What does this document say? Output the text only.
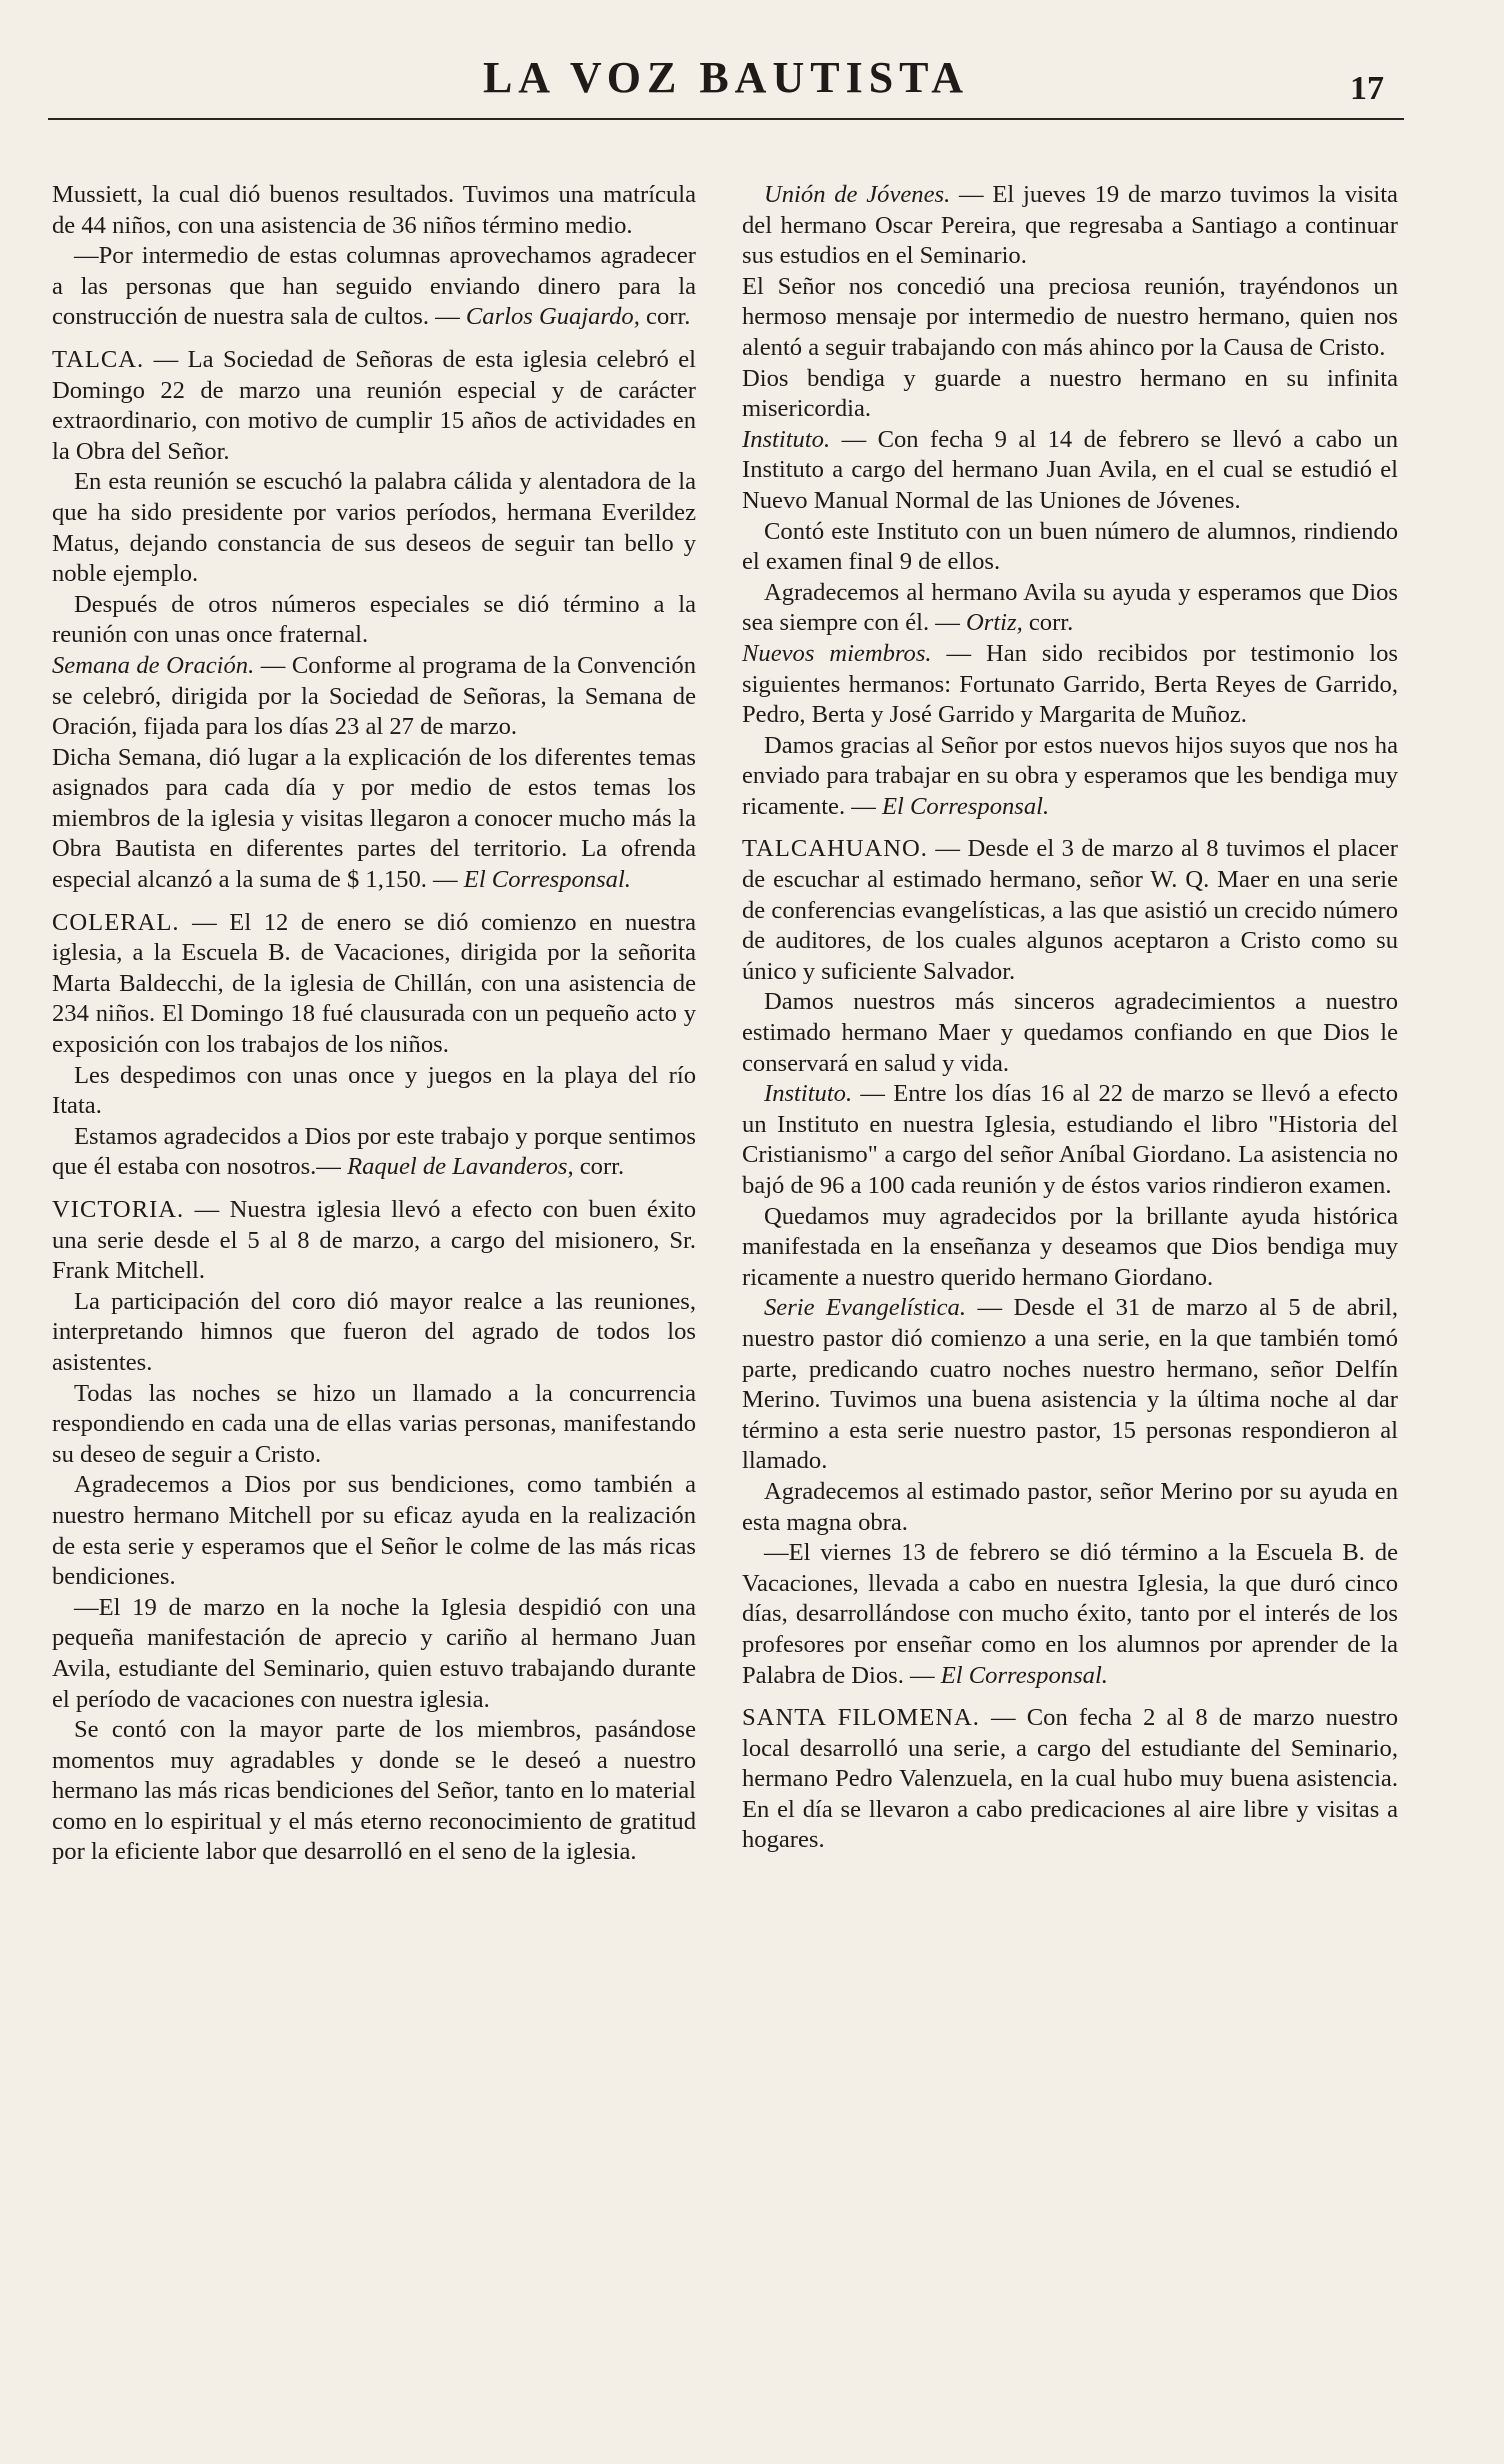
LA VOZ BAUTISTA	17

Mussiett, la cual dió buenos resultados. Tuvimos una matrícula de 44 niños, con una asistencia de 36 niños término medio.

—Por intermedio de estas columnas aprovechamos agradecer a las personas que han seguido enviando dinero para la construcción de nuestra sala de cultos. — Carlos Guajardo, corr.

TALCA. — La Sociedad de Señoras de esta iglesia celebró el Domingo 22 de marzo una reunión especial y de carácter extraordinario, con motivo de cumplir 15 años de actividades en la Obra del Señor.

En esta reunión se escuchó la palabra cálida y alentadora de la que ha sido presidente por varios períodos, hermana Everildez Matus, dejando constancia de sus deseos de seguir tan bello y noble ejemplo.

Después de otros números especiales se dió término a la reunión con unas once fraternal.

Semana de Oración. — Conforme al programa de la Convención se celebró, dirigida por la Sociedad de Señoras, la Semana de Oración, fijada para los días 23 al 27 de marzo.

Dicha Semana, dió lugar a la explicación de los diferentes temas asignados para cada día y por medio de estos temas los miembros de la iglesia y visitas llegaron a conocer mucho más la Obra Bautista en diferentes partes del territorio. La ofrenda especial alcanzó a la suma de $ 1,150. — El Corresponsal.

COLERAL. — El 12 de enero se dió comienzo en nuestra iglesia, a la Escuela B. de Vacaciones, dirigida por la señorita Marta Baldecchi, de la iglesia de Chillán, con una asistencia de 234 niños. El Domingo 18 fué clausurada con un pequeño acto y exposición con los trabajos de los niños.

Les despedimos con unas once y juegos en la playa del río Itata.

Estamos agradecidos a Dios por este trabajo y porque sentimos que él estaba con nosotros.— Raquel de Lavanderos, corr.

VICTORIA. — Nuestra iglesia llevó a efecto con buen éxito una serie desde el 5 al 8 de marzo, a cargo del misionero, Sr. Frank Mitchell.

La participación del coro dió mayor realce a las reuniones, interpretando himnos que fueron del agrado de todos los asistentes.

Todas las noches se hizo un llamado a la concurrencia respondiendo en cada una de ellas varias personas, manifestando su deseo de seguir a Cristo.

Agradecemos a Dios por sus bendiciones, como también a nuestro hermano Mitchell por su eficaz ayuda en la realización de esta serie y esperamos que el Señor le colme de las más ricas bendiciones.

—El 19 de marzo en la noche la Iglesia despidió con una pequeña manifestación de aprecio y cariño al hermano Juan Avila, estudiante del Seminario, quien estuvo trabajando durante el período de vacaciones con nuestra iglesia.

Se contó con la mayor parte de los miembros, pasándose momentos muy agradables y donde se le deseó a nuestro hermano las más ricas bendiciones del Señor, tanto en lo material como en lo espiritual y el más eterno reconocimiento de gratitud por la eficiente labor que desarrolló en el seno de la iglesia.

Unión de Jóvenes. — El jueves 19 de marzo tuvimos la visita del hermano Oscar Pereira, que regresaba a Santiago a continuar sus estudios en el Seminario.

El Señor nos concedió una preciosa reunión, trayéndonos un hermoso mensaje por intermedio de nuestro hermano, quien nos alentó a seguir trabajando con más ahinco por la Causa de Cristo.

Dios bendiga y guarde a nuestro hermano en su infinita misericordia.

Instituto. — Con fecha 9 al 14 de febrero se llevó a cabo un Instituto a cargo del hermano Juan Avila, en el cual se estudió el Nuevo Manual Normal de las Uniones de Jóvenes.

Contó este Instituto con un buen número de alumnos, rindiendo el examen final 9 de ellos.

Agradecemos al hermano Avila su ayuda y esperamos que Dios sea siempre con él. — Ortiz, corr.

Nuevos miembros. — Han sido recibidos por testimonio los siguientes hermanos: Fortunato Garrido, Berta Reyes de Garrido, Pedro, Berta y José Garrido y Margarita de Muñoz.

Damos gracias al Señor por estos nuevos hijos suyos que nos ha enviado para trabajar en su obra y esperamos que les bendiga muy ricamente. — El Corresponsal.

TALCAHUANO. — Desde el 3 de marzo al 8 tuvimos el placer de escuchar al estimado hermano, señor W. Q. Maer en una serie de conferencias evangelísticas, a las que asistió un crecido número de auditores, de los cuales algunos aceptaron a Cristo como su único y suficiente Salvador.

Damos nuestros más sinceros agradecimientos a nuestro estimado hermano Maer y quedamos confiando en que Dios le conservará en salud y vida.

Instituto. — Entre los días 16 al 22 de marzo se llevó a efecto un Instituto en nuestra Iglesia, estudiando el libro "Historia del Cristianismo" a cargo del señor Aníbal Giordano. La asistencia no bajó de 96 a 100 cada reunión y de éstos varios rindieron examen.

Quedamos muy agradecidos por la brillante ayuda histórica manifestada en la enseñanza y deseamos que Dios bendiga muy ricamente a nuestro querido hermano Giordano.

Serie Evangelística. — Desde el 31 de marzo al 5 de abril, nuestro pastor dió comienzo a una serie, en la que también tomó parte, predicando cuatro noches nuestro hermano, señor Delfín Merino. Tuvimos una buena asistencia y la última noche al dar término a esta serie nuestro pastor, 15 personas respondieron al llamado.

Agradecemos al estimado pastor, señor Merino por su ayuda en esta magna obra.

—El viernes 13 de febrero se dió término a la Escuela B. de Vacaciones, llevada a cabo en nuestra Iglesia, la que duró cinco días, desarrollándose con mucho éxito, tanto por el interés de los profesores por enseñar como en los alumnos por aprender de la Palabra de Dios. — El Corresponsal.

SANTA FILOMENA. — Con fecha 2 al 8 de marzo nuestro local desarrolló una serie, a cargo del estudiante del Seminario, hermano Pedro Valenzuela, en la cual hubo muy buena asistencia. En el día se llevaron a cabo predicaciones al aire libre y visitas a hogares.
